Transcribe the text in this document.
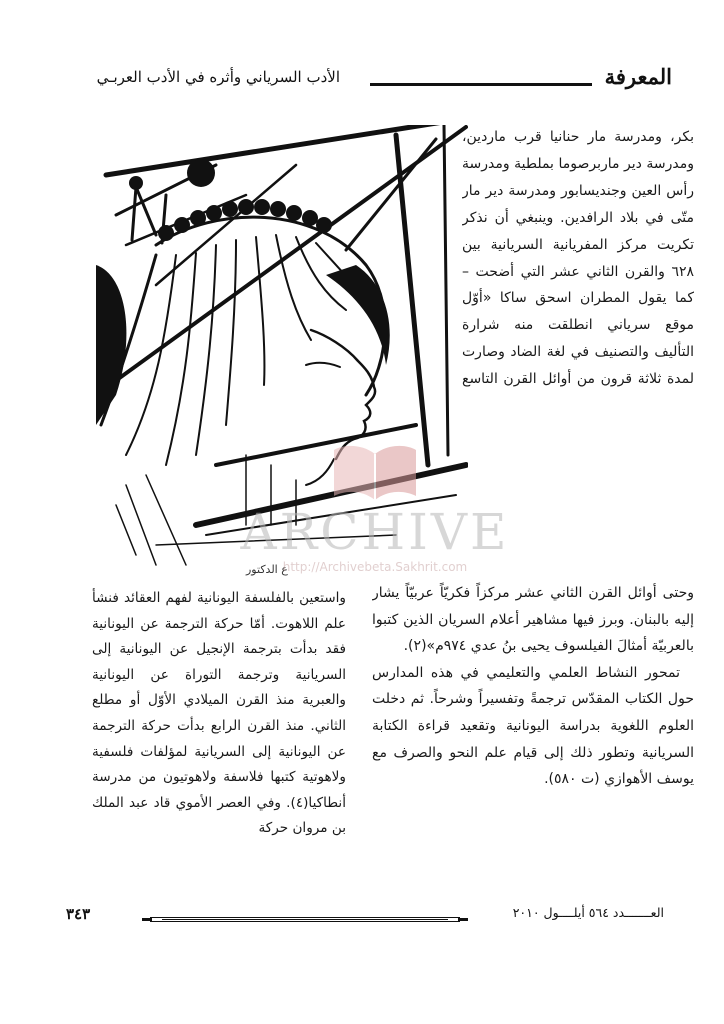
المعرفة
الأدب السرياني وأثره في الأدب العربـي
ع الدكتور
ARCHIVE
http://Archivebeta.Sakhrit.com

بكر، ومدرسة مار حنانيا قرب ماردين، ومدرسة دير ماربرصوما بملطية ومدرسة رأس العين وجنديسابور ومدرسة دير مار متّى في بلاد الرافدين. وينبغي أن نذكر تكريت مركز المفريانية السريانية بين ٦٢٨ والقرن الثاني عشر التي أضحت – كما يقول المطران اسحق ساكا «أوّل موقع سرياني انطلقت منه شرارة التأليف والتصنيف في لغة الضاد وصارت لمدة ثلاثة قرون من أوائل القرن التاسع

وحتى أوائل القرن الثاني عشر مركزاً فكريّاً عربيّاً يشار إليه بالبنان. وبرز فيها مشاهير أعلام السريان الذين كتبوا بالعربيّة أمثالَ الفيلسوف يحيى بنُ عدي ٩٧٤م»(٢).

تمحور النشاط العلمي والتعليمي في هذه المدارس حول الكتاب المقدّس ترجمةً وتفسيراً وشرحاً. ثم دخلت العلوم اللغوية بدراسة اليونانية وتقعيد قراءة الكتابة السريانية وتطور ذلك إلى قيام علم النحو والصرف مع يوسف الأهوازي (ت ٥٨٠).

واستعين بالفلسفة اليونانية لفهم العقائد فنشأ علم اللاهوت. أمّا حركة الترجمة عن اليونانية فقد بدأت بترجمة الإنجيل عن اليونانية إلى السريانية وترجمة التوراة عن اليونانية والعبرية منذ القرن الميلادي الأوّل أو مطلع الثاني. منذ القرن الرابع بدأت حركة الترجمة عن اليونانية إلى السريانية لمؤلفات فلسفية ولاهوتية كتبها فلاسفة ولاهوتيون من مدرسة أنطاكيا(٤). وفي العصر الأموي قاد عبد الملك بن مروان حركة

٣٤٣	العـــــــدد ٥٦٤ أيلــــول ٢٠١٠
